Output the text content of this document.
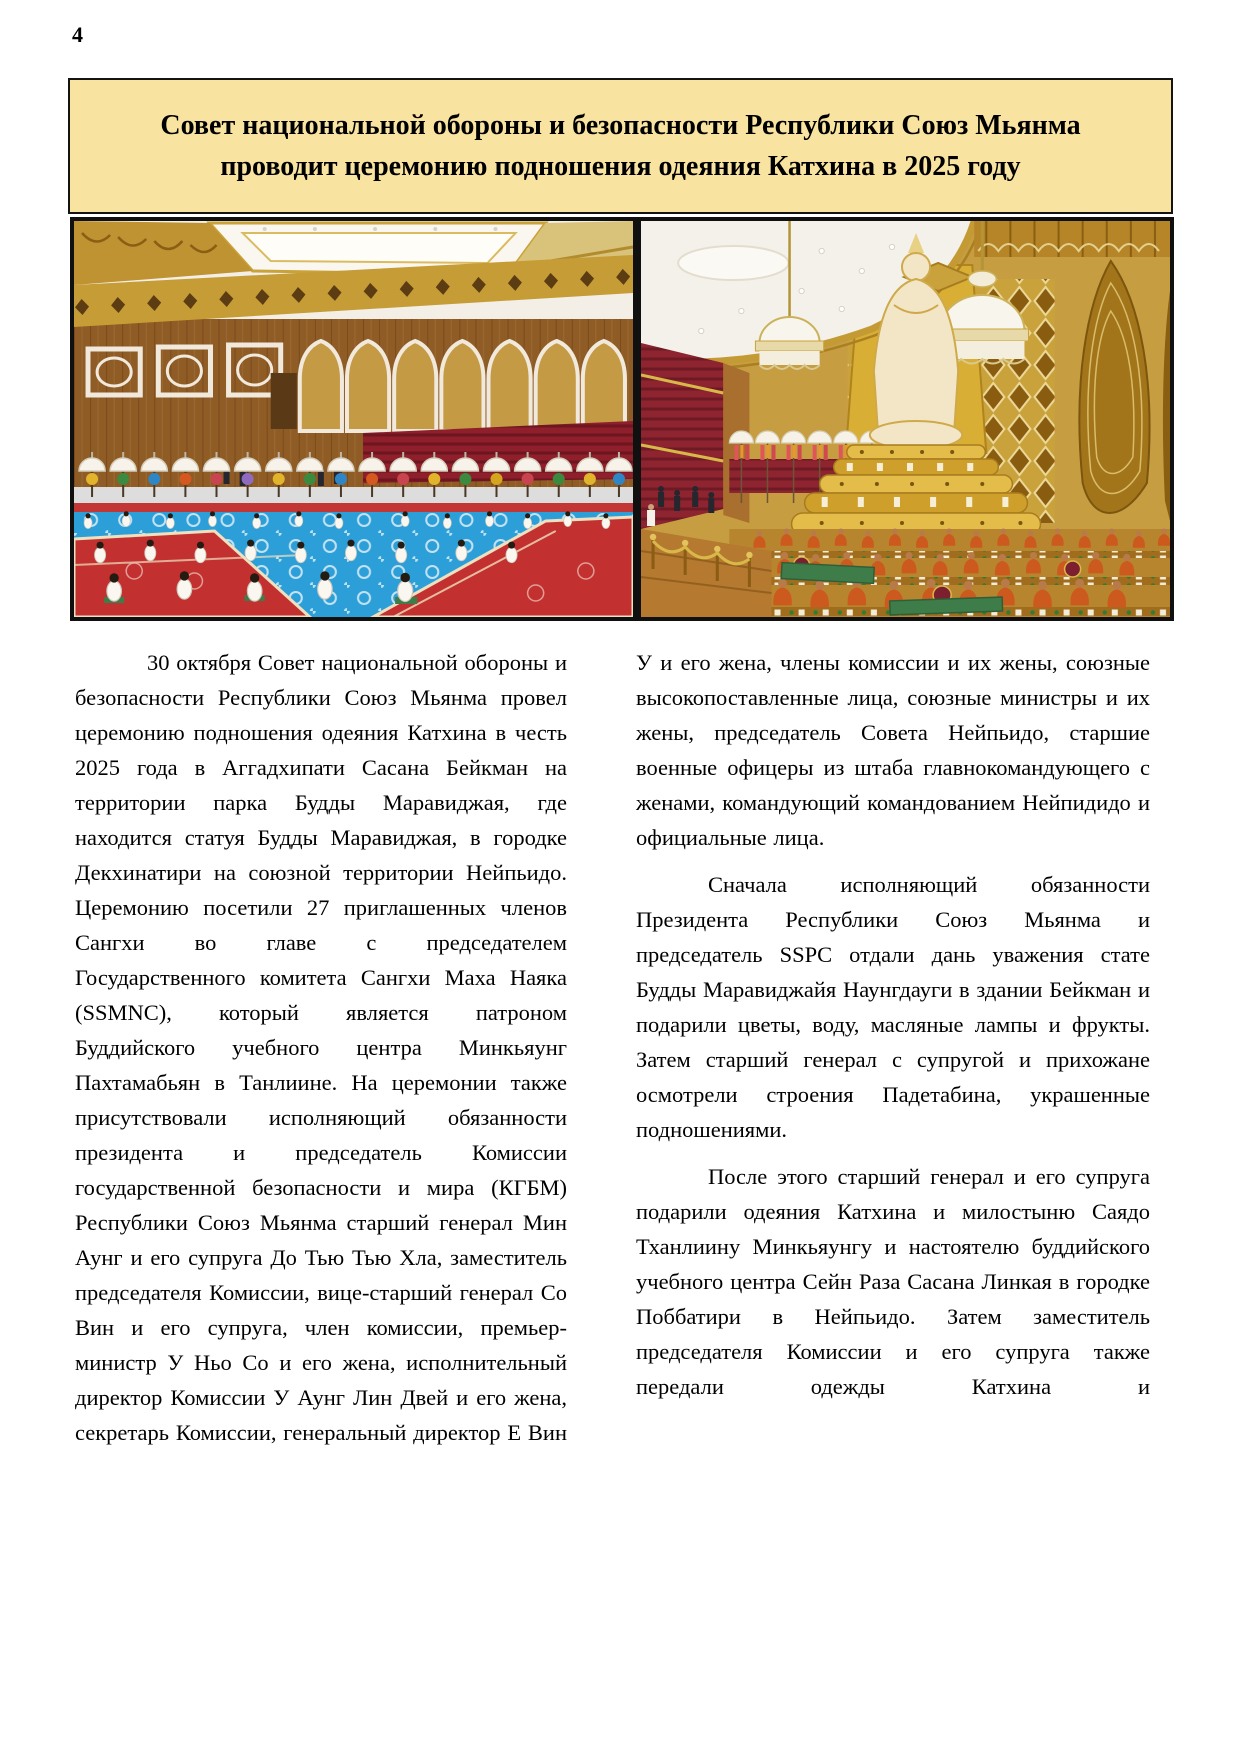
4
Совет национальной обороны и безопасности Республики Союз Мьянма
проводит церемонию подношения одеяния Катхина в 2025 году

30 октября Совет национальной обороны и безопасности Республики Союз Мьянма провел церемонию подношения одеяния Катхина в честь 2025 года в Аггадхипати Сасана Бейкман на территории парка Будды Маравиджая, где находится статуя Будды Маравиджая, в городке Декхинатири на союзной территории Нейпьидо. Церемонию посетили 27 приглашенных членов Сангхи во главе с председателем Государственного комитета Сангхи Маха Наяка (SSMNC), который является патроном Буддийского учебного центра Минкьяунг Пахтамабьян в Танлиине. На церемонии также присутствовали исполняющий обязанности президента и председатель Комиссии государственной безопасности и мира (КГБМ) Республики Союз Мьянма старший генерал Мин Аунг и его супруга До Тью Тью Хла, заместитель председателя Комиссии, вице-старший генерал Со Вин и его супруга, член комиссии, премьер-министр У Ньо Со и его жена, исполнительный директор Комиссии У Аунг Лин Двей и его жена, секретарь Комиссии, генеральный директор Е Вин

У и его жена, члены комиссии и их жены, союзные высокопоставленные лица, союзные министры и их жены, председатель Совета Нейпьидо, старшие военные офицеры из штаба главнокомандующего с женами, командующий командованием Нейпидидо и официальные лица.

Сначала исполняющий обязанности Президента Республики Союз Мьянма и председатель SSPC отдали дань уважения стате Будды Маравиджайя Наунгдауги в здании Бейкман и подарили цветы, воду, масляные лампы и фрукты. Затем старший генерал с супругой и прихожане осмотрели строения Падетабина, украшенные подношениями.

После этого старший генерал и его супруга подарили одеяния Катхина и милостыню Саядо Тханлиину Минкьяунгу и настоятелю буддийского учебного центра Сейн Раза Сасана Линкая в городке Поббатири в Нейпьидо. Затем заместитель председателя Комиссии и его супруга также передали одежды Катхина и
